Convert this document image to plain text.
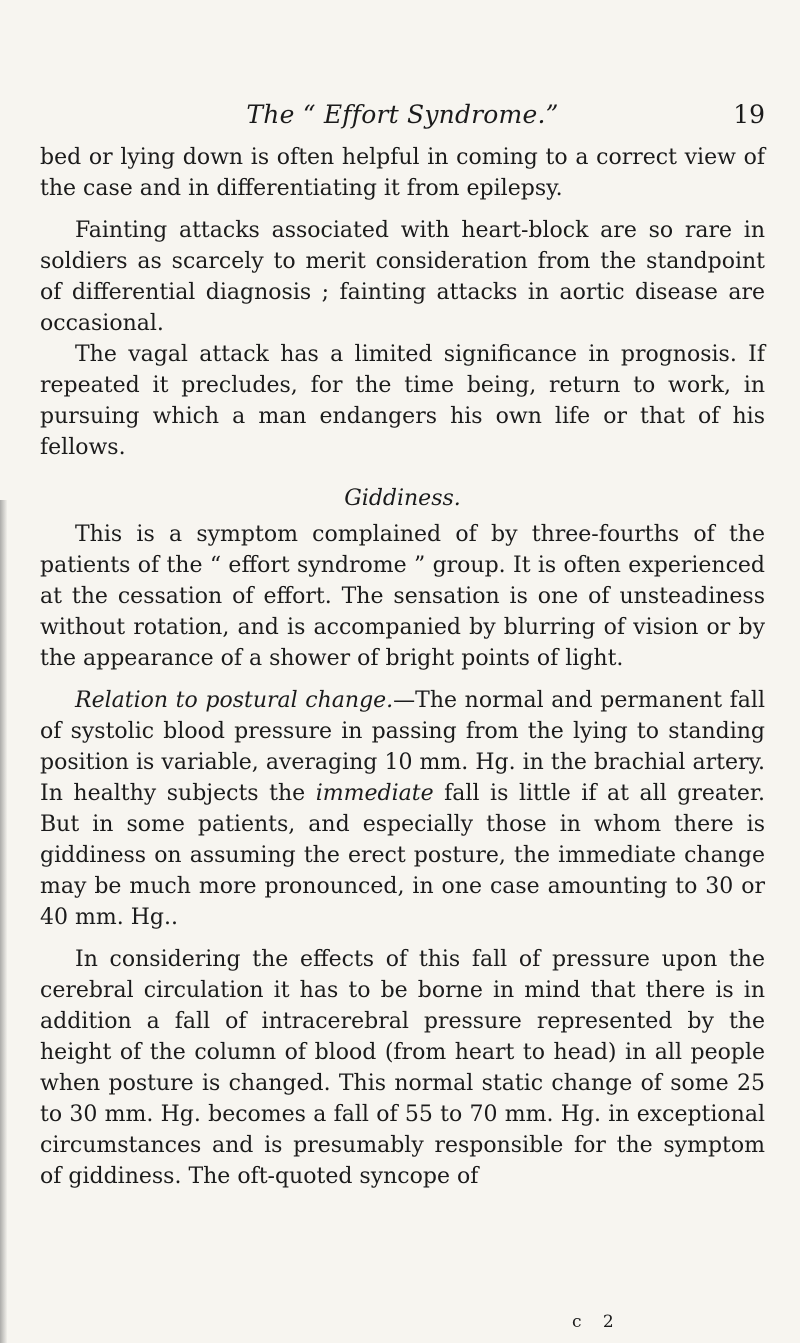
The “ Effort Syndrome.”	19

bed or lying down is often helpful in coming to a correct view of the case and in differentiating it from epilepsy.

Fainting attacks associated with heart-block are so rare in soldiers as scarcely to merit consideration from the standpoint of differential diagnosis ; fainting attacks in aortic disease are occasional.

The vagal attack has a limited significance in prognosis. If repeated it precludes, for the time being, return to work, in pursuing which a man endangers his own life or that of his fellows.

Giddiness.

This is a symptom complained of by three-fourths of the patients of the “ effort syndrome ” group. It is often experienced at the cessation of effort. The sensation is one of unsteadiness without rotation, and is accompanied by blurring of vision or by the appearance of a shower of bright points of light.

Relation to postural change.—The normal and permanent fall of systolic blood pressure in passing from the lying to standing position is variable, averaging 10 mm. Hg. in the brachial artery. In healthy subjects the immediate fall is little if at all greater. But in some patients, and especially those in whom there is giddiness on assuming the erect posture, the immediate change may be much more pronounced, in one case amounting to 30 or 40 mm. Hg..

In considering the effects of this fall of pressure upon the cerebral circulation it has to be borne in mind that there is in addition a fall of intracerebral pressure represented by the height of the column of blood (from heart to head) in all people when posture is changed. This normal static change of some 25 to 30 mm. Hg. becomes a fall of 55 to 70 mm. Hg. in exceptional circumstances and is presumably responsible for the symptom of giddiness. The oft-quoted syncope of

c 2
